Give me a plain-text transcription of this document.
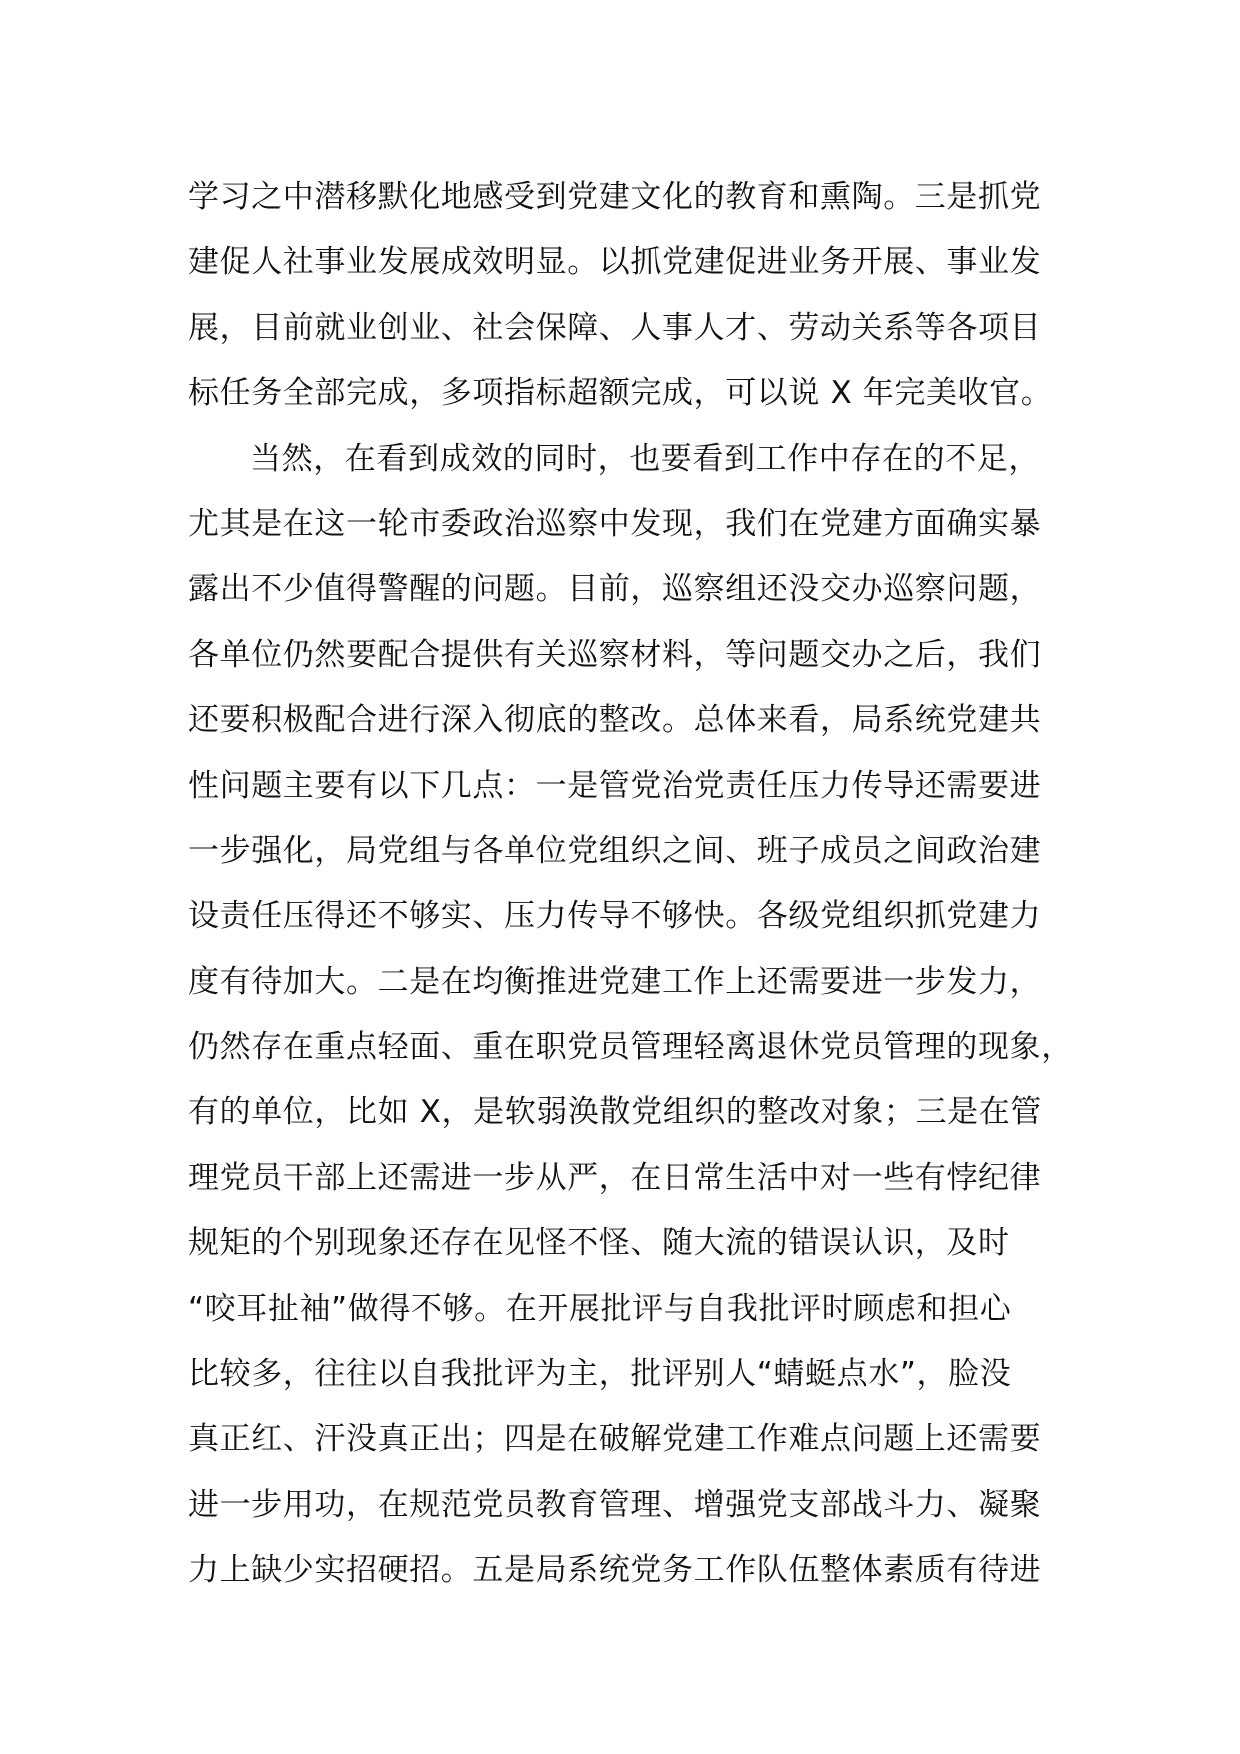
学习之中潜移默化地感受到党建文化的教育和熏陶。三是抓党
建促人社事业发展成效明显。以抓党建促进业务开展、事业发
展，目前就业创业、社会保障、人事人才、劳动关系等各项目
标任务全部完成，多项指标超额完成，可以说 X 年完美收官。
当然，在看到成效的同时，也要看到工作中存在的不足，
尤其是在这一轮市委政治巡察中发现，我们在党建方面确实暴
露出不少值得警醒的问题。目前，巡察组还没交办巡察问题，
各单位仍然要配合提供有关巡察材料，等问题交办之后，我们
还要积极配合进行深入彻底的整改。总体来看，局系统党建共
性问题主要有以下几点：一是管党治党责任压力传导还需要进
一步强化，局党组与各单位党组织之间、班子成员之间政治建
设责任压得还不够实、压力传导不够快。各级党组织抓党建力
度有待加大。二是在均衡推进党建工作上还需要进一步发力，
仍然存在重点轻面、重在职党员管理轻离退休党员管理的现象，
有的单位，比如 X，是软弱涣散党组织的整改对象；三是在管
理党员干部上还需进一步从严，在日常生活中对一些有悖纪律
规矩的个别现象还存在见怪不怪、随大流的错误认识，及时
“咬耳扯袖”做得不够。在开展批评与自我批评时顾虑和担心
比较多，往往以自我批评为主，批评别人“蜻蜓点水”，脸没
真正红、汗没真正出；四是在破解党建工作难点问题上还需要
进一步用功，在规范党员教育管理、增强党支部战斗力、凝聚
力上缺少实招硬招。五是局系统党务工作队伍整体素质有待进
